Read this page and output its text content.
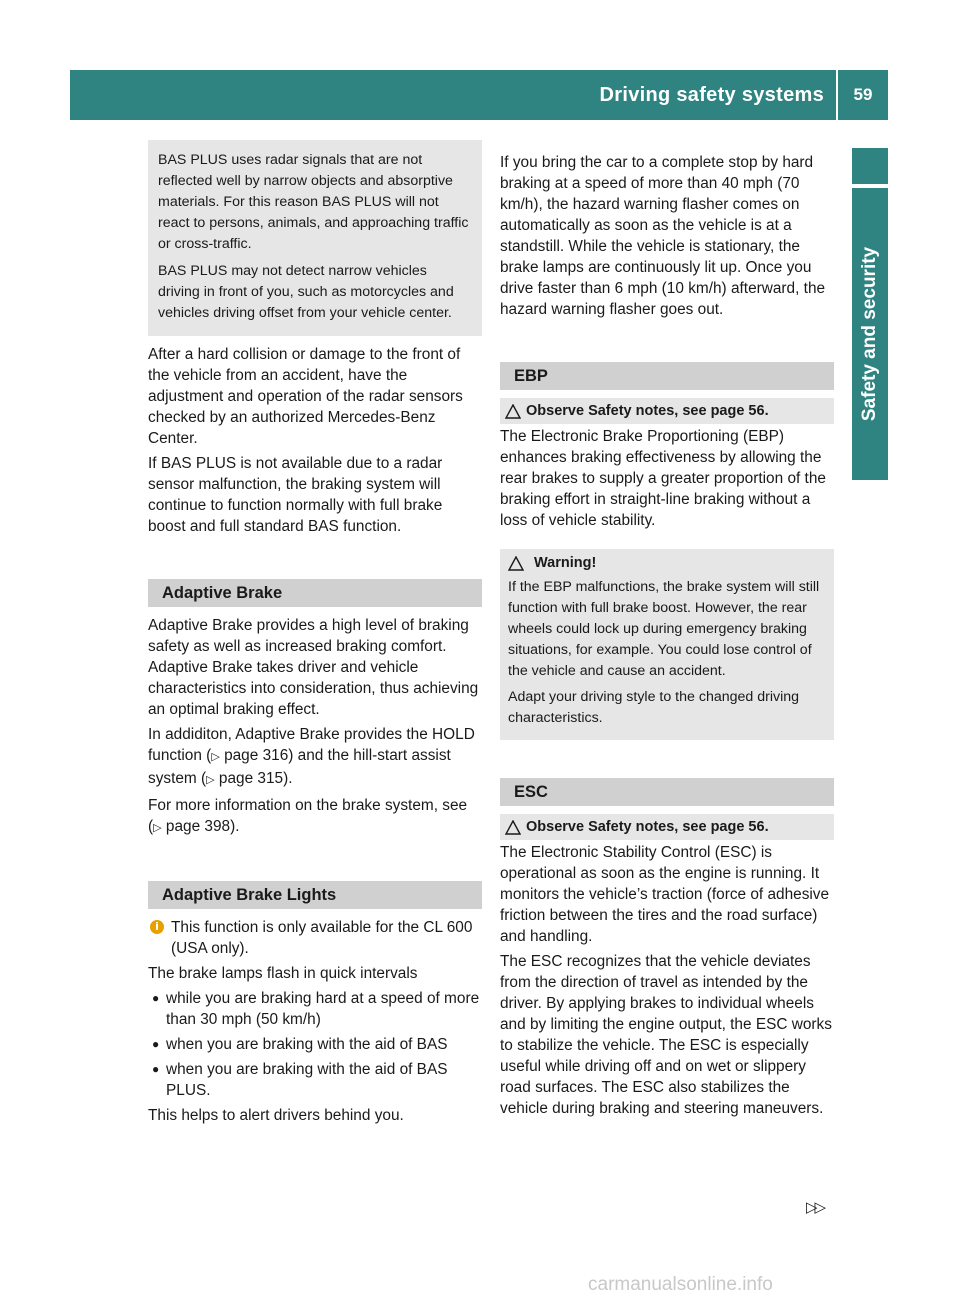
Driving safety systems	59
Safety and security

BAS PLUS uses radar signals that are not reflected well by narrow objects and absorptive materials. For this reason BAS PLUS will not react to persons, animals, and approaching traffic or cross-traffic.

BAS PLUS may not detect narrow vehicles driving in front of you, such as motorcycles and vehicles driving offset from your vehicle center.

After a hard collision or damage to the front of the vehicle from an accident, have the adjustment and operation of the radar sensors checked by an authorized Mercedes-Benz Center.

If BAS PLUS is not available due to a radar sensor malfunction, the braking system will continue to function normally with full brake boost and full standard BAS function.

Adaptive Brake

Adaptive Brake provides a high level of braking safety as well as increased braking comfort. Adaptive Brake takes driver and vehicle characteristics into consideration, thus achieving an optimal braking effect.

In addiditon, Adaptive Brake provides the HOLD function (▷ page 316) and the hill-start assist system (▷ page 315).

For more information on the brake system, see (▷ page 398).

Adaptive Brake Lights
i This function is only available for the CL 600 (USA only).

The brake lamps flash in quick intervals

● while you are braking hard at a speed of more than 30 mph (50 km/h)
● when you are braking with the aid of BAS
● when you are braking with the aid of BAS PLUS.

This helps to alert drivers behind you.

If you bring the car to a complete stop by hard braking at a speed of more than 40 mph (70 km/h), the hazard warning flasher comes on automatically as soon as the vehicle is at a standstill. While the vehicle is stationary, the brake lamps are continuously lit up. Once you drive faster than 6 mph (10 km/h) afterward, the hazard warning flasher goes out.

EBP
Observe Safety notes, see page 56.

The Electronic Brake Proportioning (EBP) enhances braking effectiveness by allowing the rear brakes to supply a greater proportion of the braking effort in straight-line braking without a loss of vehicle stability.

Warning!

If the EBP malfunctions, the brake system will still function with full brake boost. However, the rear wheels could lock up during emergency braking situations, for example. You could lose control of the vehicle and cause an accident.

Adapt your driving style to the changed driving characteristics.

ESC
Observe Safety notes, see page 56.

The Electronic Stability Control (ESC) is operational as soon as the engine is running. It monitors the vehicle’s traction (force of adhesive friction between the tires and the road surface) and handling.

The ESC recognizes that the vehicle deviates from the direction of travel as intended by the driver. By applying brakes to individual wheels and by limiting the engine output, the ESC works to stabilize the vehicle. The ESC is especially useful while driving off and on wet or slippery road surfaces. The ESC also stabilizes the vehicle during braking and steering maneuvers.

▷▷
carmanualsonline.info
